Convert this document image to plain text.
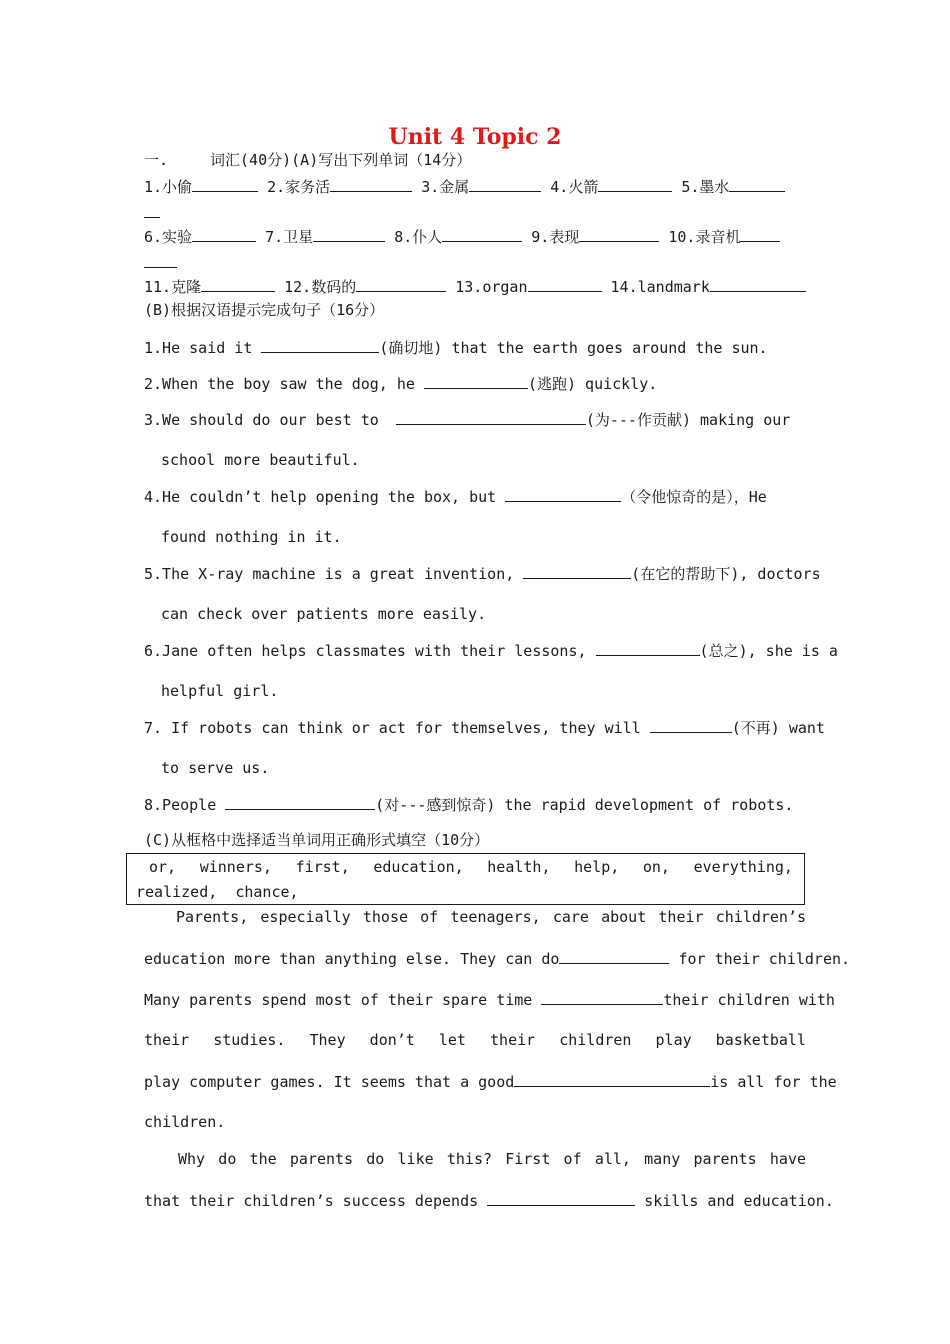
Unit 4 Topic 2
一.	词汇(40分)(A)写出下列单词（14分）
1.小偷	2.家务活	3.金属	4.火箭	5.墨水
6.实验	7.卫星	8.仆人	9.表现	10.录音机
11.克隆	12.数码的	13.organ	14.landmark
(B)根据汉语提示完成句子（16分）
1.He said it	(确切地) that the earth goes around the sun.
2.When the boy saw the dog, he	(逃跑) quickly.
3.We should do our best to	(为---作贡献) making our
school more beautiful.
4.He couldn’t help opening the box, but	（令他惊奇的是），He
found nothing in it.
5.The X-ray machine is a great invention,	(在它的帮助下), doctors
can check over patients more easily.
6.Jane often helps classmates with their lessons,	(总之), she is a
helpful girl.
7. If robots can think or act for themselves, they will	(不再) want
to serve us.
8.People	(对---感到惊奇) the rapid development of robots.
(C)从框格中选择适当单词用正确形式填空（10分）
or, winners, first, education, health, help, on, everything,
realized,  chance,
Parents, especially those of teenagers, care about their children’s
education more than anything else. They can do	for their children.
Many parents spend most of their spare time	their children with
their studies. They don’t let their children play basketball
play computer games. It seems that a good	is all for the
children.
Why do the parents do like this? First of all, many parents have
that their children’s success depends	skills and education.
